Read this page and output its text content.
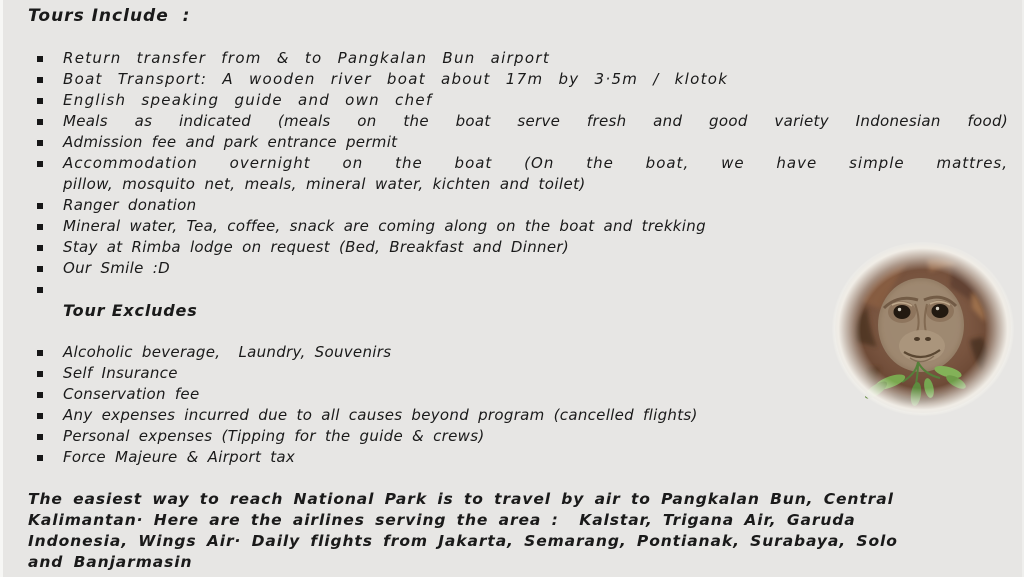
Tours Include  :
Return transfer from & to Pangkalan Bun airport
Boat Transport: A wooden river boat about 17m by 3·5m / klotok
English speaking guide and own chef
Meals as indicated (meals on the boat serve fresh and good variety Indonesian food)
Admission fee and park entrance permit
Accommodation overnight on the boat (On the boat, we have simple mattres,
pillow, mosquito net, meals, mineral water, kichten and toilet)
Ranger donation
Mineral water, Tea, coffee, snack are coming along on the boat and trekking
Stay at Rimba lodge on request (Bed, Breakfast and Dinner)
Our Smile :D
Tour Excludes
Alcoholic beverage,  Laundry, Souvenirs
Self Insurance
Conservation fee
Any expenses incurred due to all causes beyond program (cancelled flights)
Personal expenses (Tipping for the guide & crews)
Force Majeure & Airport tax
The easiest way to reach National Park is to travel by air to Pangkalan Bun, Central
Kalimantan· Here are the airlines serving the area :  Kalstar, Trigana Air, Garuda
Indonesia, Wings Air· Daily flights from Jakarta, Semarang, Pontianak, Surabaya, Solo
and Banjarmasin
